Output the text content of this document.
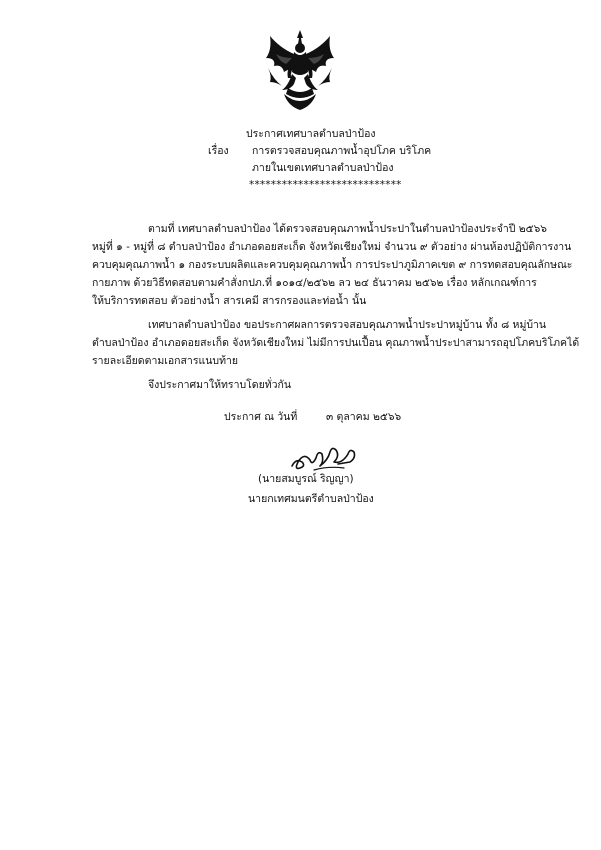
ประกาศเทศบาลตำบลป่าป้อง
เรื่อง การตรวจสอบคุณภาพน้ำอุปโภค บริโภค
ภายในเขตเทศบาลตำบลป่าป้อง
****************************
ตามที่ เทศบาลตำบลป่าป้อง ได้ตรวจสอบคุณภาพน้ำประปาในตำบลป่าป้องประจำปี ๒๕๖๖
หมู่ที่ ๑ - หมู่ที่ ๘ ตำบลป่าป้อง อำเภอดอยสะเก็ด จังหวัดเชียงใหม่ จำนวน ๙ ตัวอย่าง ผ่านห้องปฏิบัติการงาน
ควบคุมคุณภาพน้ำ ๑ กองระบบผลิตและควบคุมคุณภาพน้ำ การประปาภูมิภาคเขต ๙ การทดสอบคุณลักษณะ
กายภาพ ด้วยวิธีทดสอบตามคำสั่งกปภ.ที่ ๑๐๑๔/๒๕๖๒ ลว ๒๔ ธันวาคม ๒๕๖๒ เรื่อง หลักเกณฑ์การ
ให้บริการทดสอบ ตัวอย่างน้ำ สารเคมี สารกรองและท่อน้ำ นั้น
เทศบาลตำบลป่าป้อง ขอประกาศผลการตรวจสอบคุณภาพน้ำประปาหมู่บ้าน ทั้ง ๘ หมู่บ้าน
ตำบลป่าป้อง อำเภอดอยสะเก็ด จังหวัดเชียงใหม่ ไม่มีการปนเปื้อน คุณภาพน้ำประปาสามารถอุปโภคบริโภคได้
รายละเอียดตามเอกสารแนบท้าย
จึงประกาศมาให้ทราบโดยทั่วกัน
ประกาศ ณ วันที่	๓ ตุลาคม ๒๕๖๖
(นายสมบูรณ์ ริญญา)
นายกเทศมนตรีตำบลป่าป้อง
